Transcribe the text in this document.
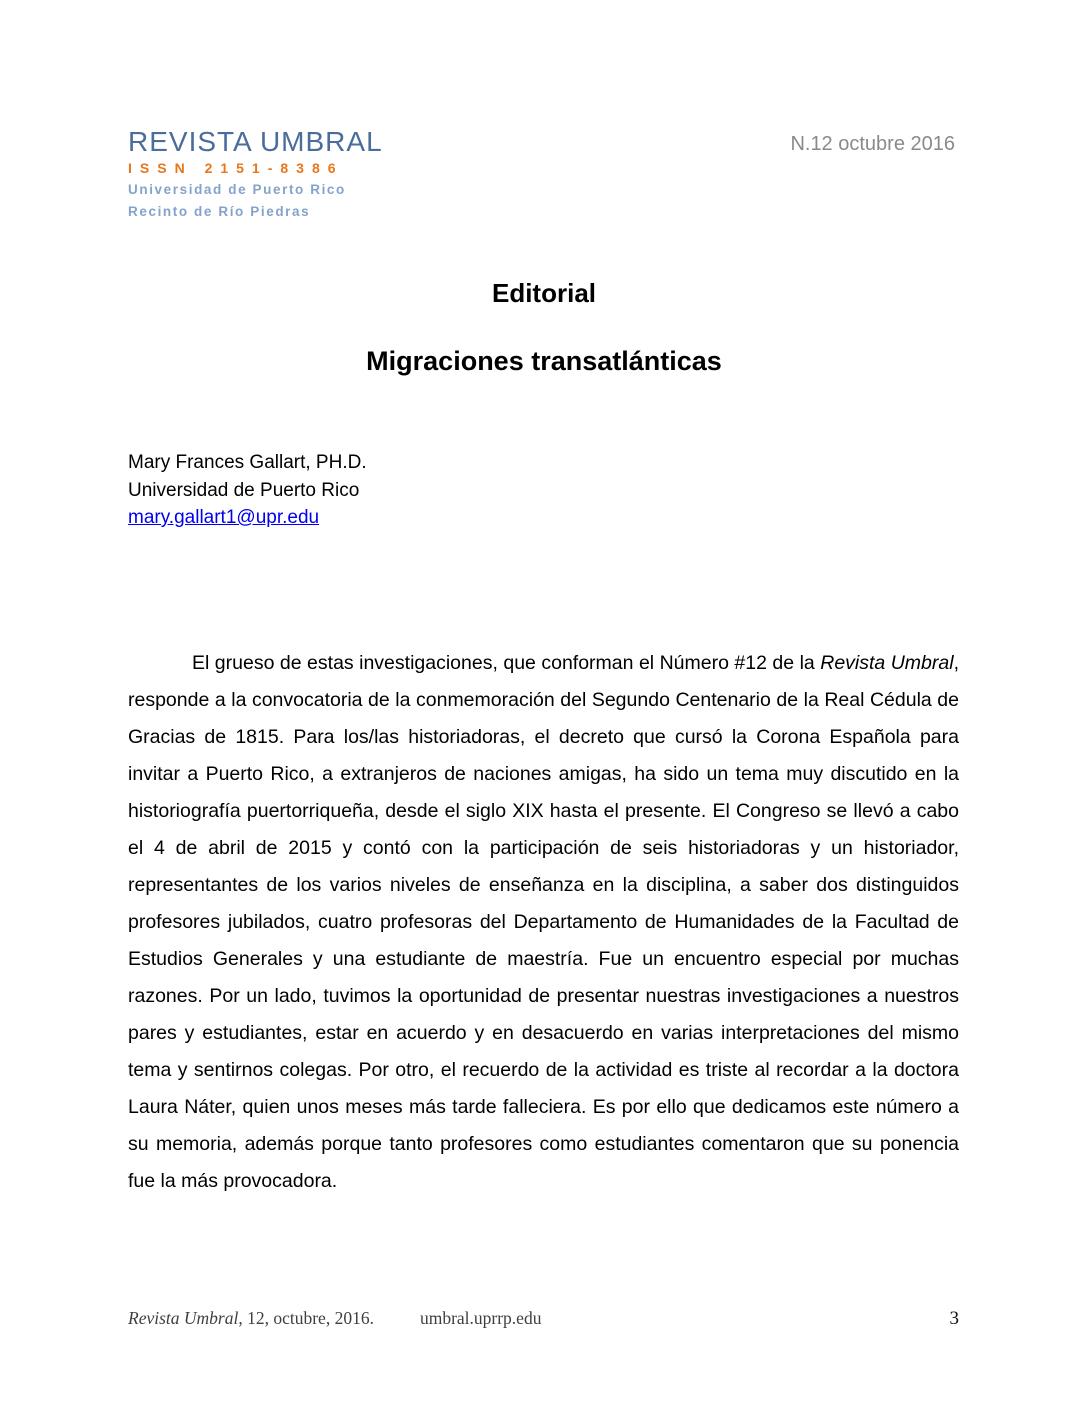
REVISTA UMBRAL
ISSN 2151-8386
Universidad de Puerto Rico
Recinto de Río Piedras
N.12 octubre 2016
Editorial
Migraciones transatlánticas
Mary Frances Gallart, PH.D.
Universidad de Puerto Rico
mary.gallart1@upr.edu
El grueso de estas investigaciones, que conforman el Número #12 de la Revista Umbral, responde a la convocatoria de la conmemoración del Segundo Centenario de la Real Cédula de Gracias de 1815. Para los/las historiadoras, el decreto que cursó la Corona Española para invitar a Puerto Rico, a extranjeros de naciones amigas, ha sido un tema muy discutido en la historiografía puertorriqueña, desde el siglo XIX hasta el presente. El Congreso se llevó a cabo el 4 de abril de 2015 y contó con la participación de seis historiadoras y un historiador, representantes de los varios niveles de enseñanza en la disciplina, a saber dos distinguidos profesores jubilados, cuatro profesoras del Departamento de Humanidades de la Facultad de Estudios Generales y una estudiante de maestría. Fue un encuentro especial por muchas razones. Por un lado, tuvimos la oportunidad de presentar nuestras investigaciones a nuestros pares y estudiantes, estar en acuerdo y en desacuerdo en varias interpretaciones del mismo tema y sentirnos colegas. Por otro, el recuerdo de la actividad es triste al recordar a la doctora Laura Náter, quien unos meses más tarde falleciera. Es por ello que dedicamos este número a su memoria, además porque tanto profesores como estudiantes comentaron que su ponencia fue la más provocadora.
Revista Umbral, 12, octubre, 2016.	umbral.uprrp.edu	3
